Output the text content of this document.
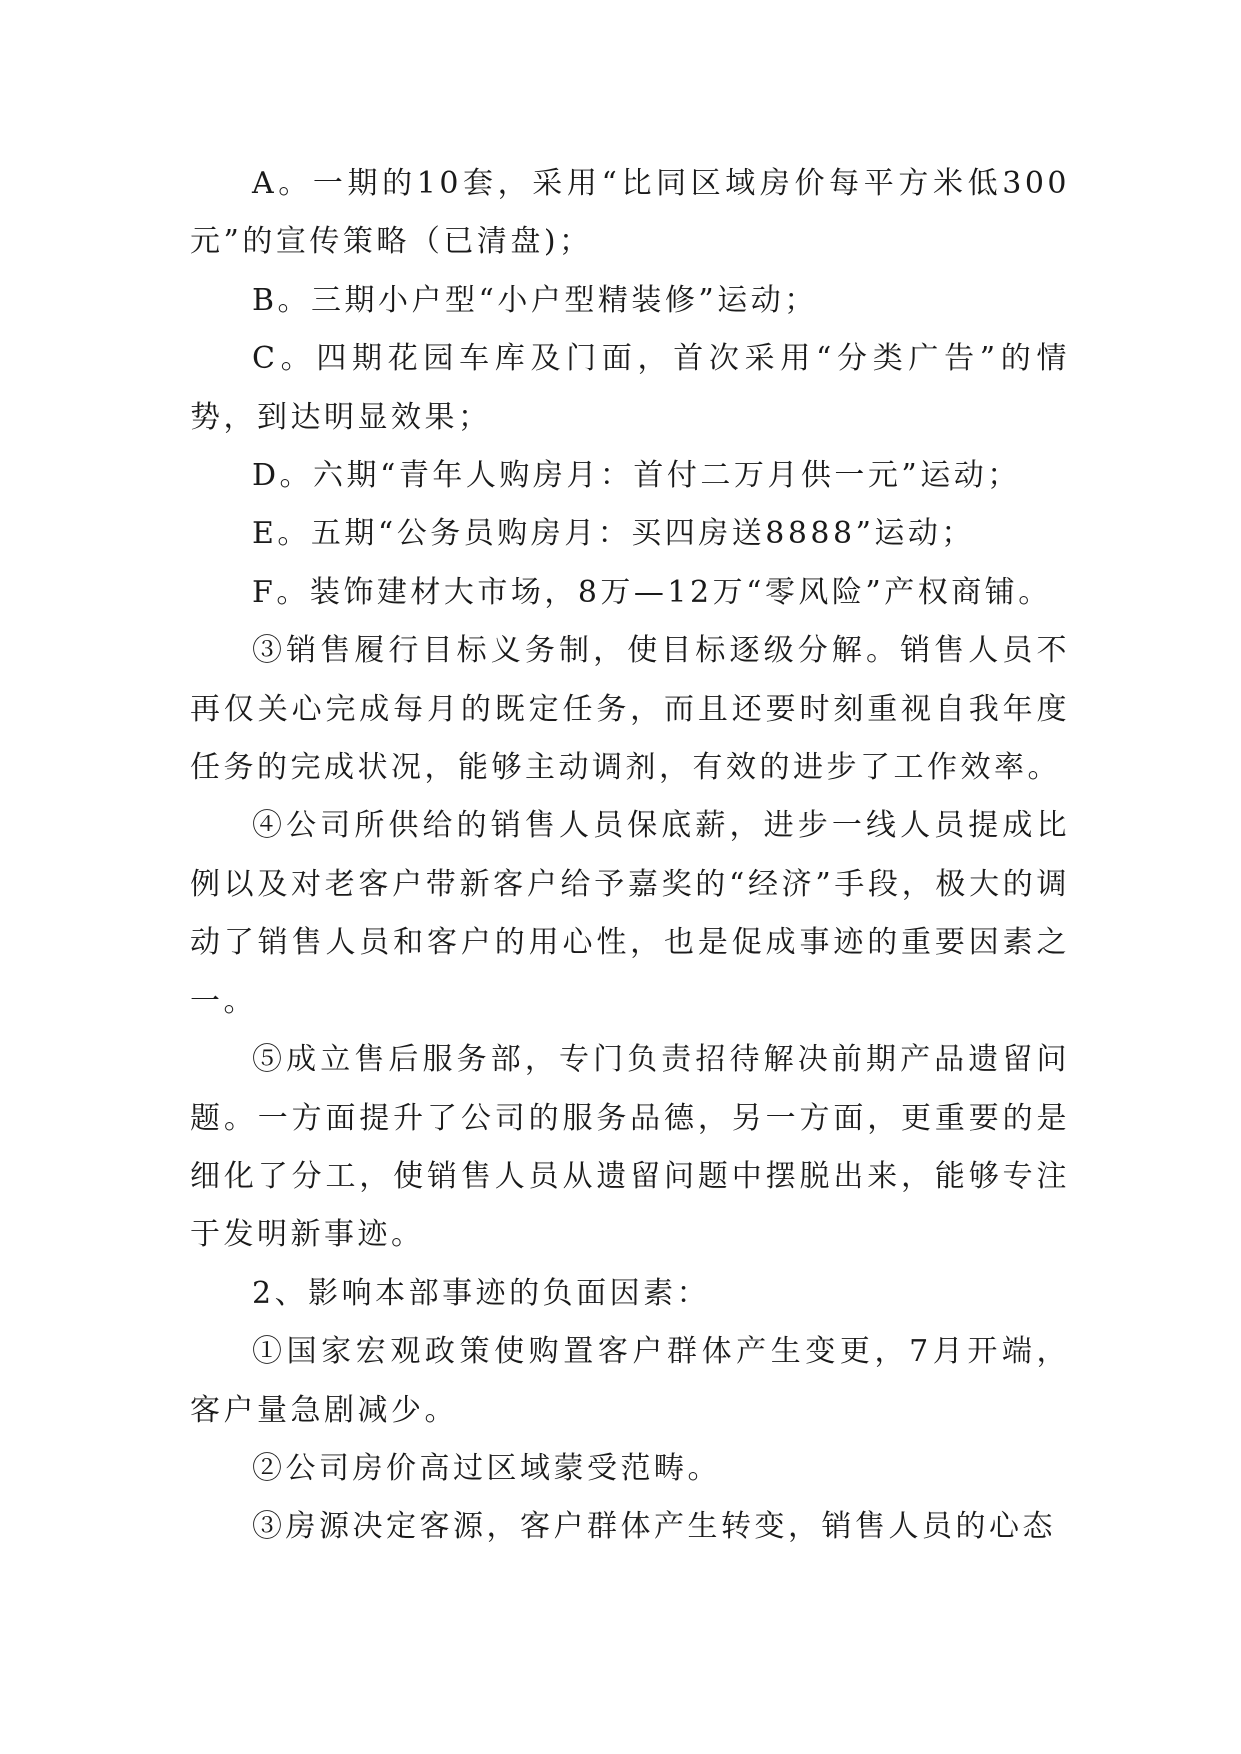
A。一期的10套，采用“比同区域房价每平方米低300元”的宣传策略（已清盘)；

B。三期小户型“小户型精装修”运动；

C。四期花园车库及门面，首次采用“分类广告”的情势，到达明显效果；

D。六期“青年人购房月：首付二万月供一元”运动；

E。五期“公务员购房月：买四房送8888”运动；

F。装饰建材大市场，8万—12万“零风险”产权商铺。

③销售履行目标义务制，使目标逐级分解。销售人员不再仅关心完成每月的既定任务，而且还要时刻重视自我年度任务的完成状况，能够主动调剂，有效的进步了工作效率。

④公司所供给的销售人员保底薪，进步一线人员提成比例以及对老客户带新客户给予嘉奖的“经济”手段，极大的调动了销售人员和客户的用心性，也是促成事迹的重要因素之一。

⑤成立售后服务部，专门负责招待解决前期产品遗留问题。一方面提升了公司的服务品德，另一方面，更重要的是细化了分工，使销售人员从遗留问题中摆脱出来，能够专注于发明新事迹。

2、影响本部事迹的负面因素：

①国家宏观政策使购置客户群体产生变更，7月开端，客户量急剧减少。

②公司房价高过区域蒙受范畴。

③房源决定客源，客户群体产生转变，销售人员的心态
